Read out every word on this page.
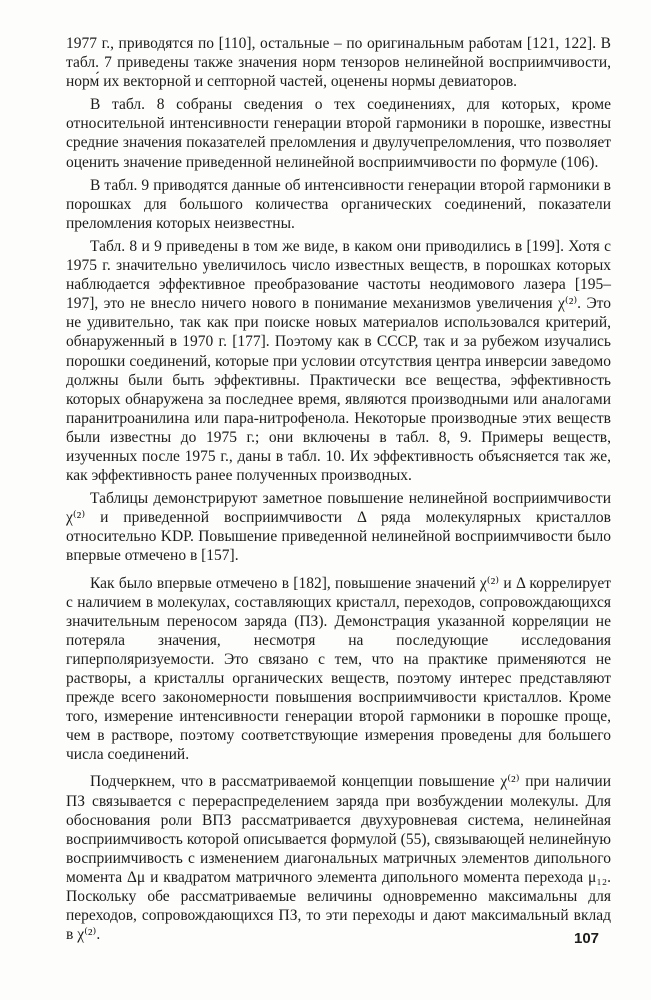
1977 г., приводятся по [110], остальные – по оригинальным работам [121, 122]. В табл. 7 приведены также значения норм тензоров нелинейной восприимчивости, норм́ их векторной и септорной частей, оценены нормы девиаторов.

В табл. 8 собраны сведения о тех соединениях, для которых, кроме относительной интенсивности генерации второй гармоники в порошке, известны средние значения показателей преломления и двулучепреломления, что позволяет оценить значение приведенной нелинейной восприимчивости по формуле (106).

В табл. 9 приводятся данные об интенсивности генерации второй гармоники в порошках для большого количества органических соединений, показатели преломления которых неизвестны.

Табл. 8 и 9 приведены в том же виде, в каком они приводились в [199]. Хотя с 1975 г. значительно увеличилось число известных веществ, в порошках которых наблюдается эффективное преобразование частоты неодимового лазера [195–197], это не внесло ничего нового в понимание механизмов увеличения χ⁽²⁾. Это не удивительно, так как при поиске новых материалов использовался критерий, обнаруженный в 1970 г. [177]. Поэтому как в СССР, так и за рубежом изучались порошки соединений, которые при условии отсутствия центра инверсии заведомо должны были быть эффективны. Практически все вещества, эффективность которых обнаружена за последнее время, являются производными или аналогами паранитроанилина или пара-нитрофенола. Некоторые производные этих веществ были известны до 1975 г.; они включены в табл. 8, 9. Примеры веществ, изученных после 1975 г., даны в табл. 10. Их эффективность объясняется так же, как эффективность ранее полученных производных.

Таблицы демонстрируют заметное повышение нелинейной восприимчивости χ⁽²⁾ и приведенной восприимчивости Δ ряда молекулярных кристаллов относительно KDP. Повышение приведенной нелинейной восприимчивости было впервые отмечено в [157].

Как было впервые отмечено в [182], повышение значений χ⁽²⁾ и Δ коррелирует с наличием в молекулах, составляющих кристалл, переходов, сопровождающихся значительным переносом заряда (ПЗ). Демонстрация указанной корреляции не потеряла значения, несмотря на последующие исследования гиперполяризуемости. Это связано с тем, что на практике применяются не растворы, а кристаллы органических веществ, поэтому интерес представляют прежде всего закономерности повышения восприимчивости кристаллов. Кроме того, измерение интенсивности генерации второй гармоники в порошке проще, чем в растворе, поэтому соответствующие измерения проведены для большего числа соединений.

Подчеркнем, что в рассматриваемой концепции повышение χ⁽²⁾ при наличии ПЗ связывается с перераспределением заряда при возбуждении молекулы. Для обоснования роли ВПЗ рассматривается двухуровневая система, нелинейная восприимчивость которой описывается формулой (55), связывающей нелинейную восприимчивость с изменением диагональных матричных элементов дипольного момента Δμ и квадратом матричного элемента дипольного момента перехода μ₁₂. Поскольку обе рассматриваемые величины одновременно максимальны для переходов, сопровождающихся ПЗ, то эти переходы и дают максимальный вклад в χ⁽²⁾.	107
